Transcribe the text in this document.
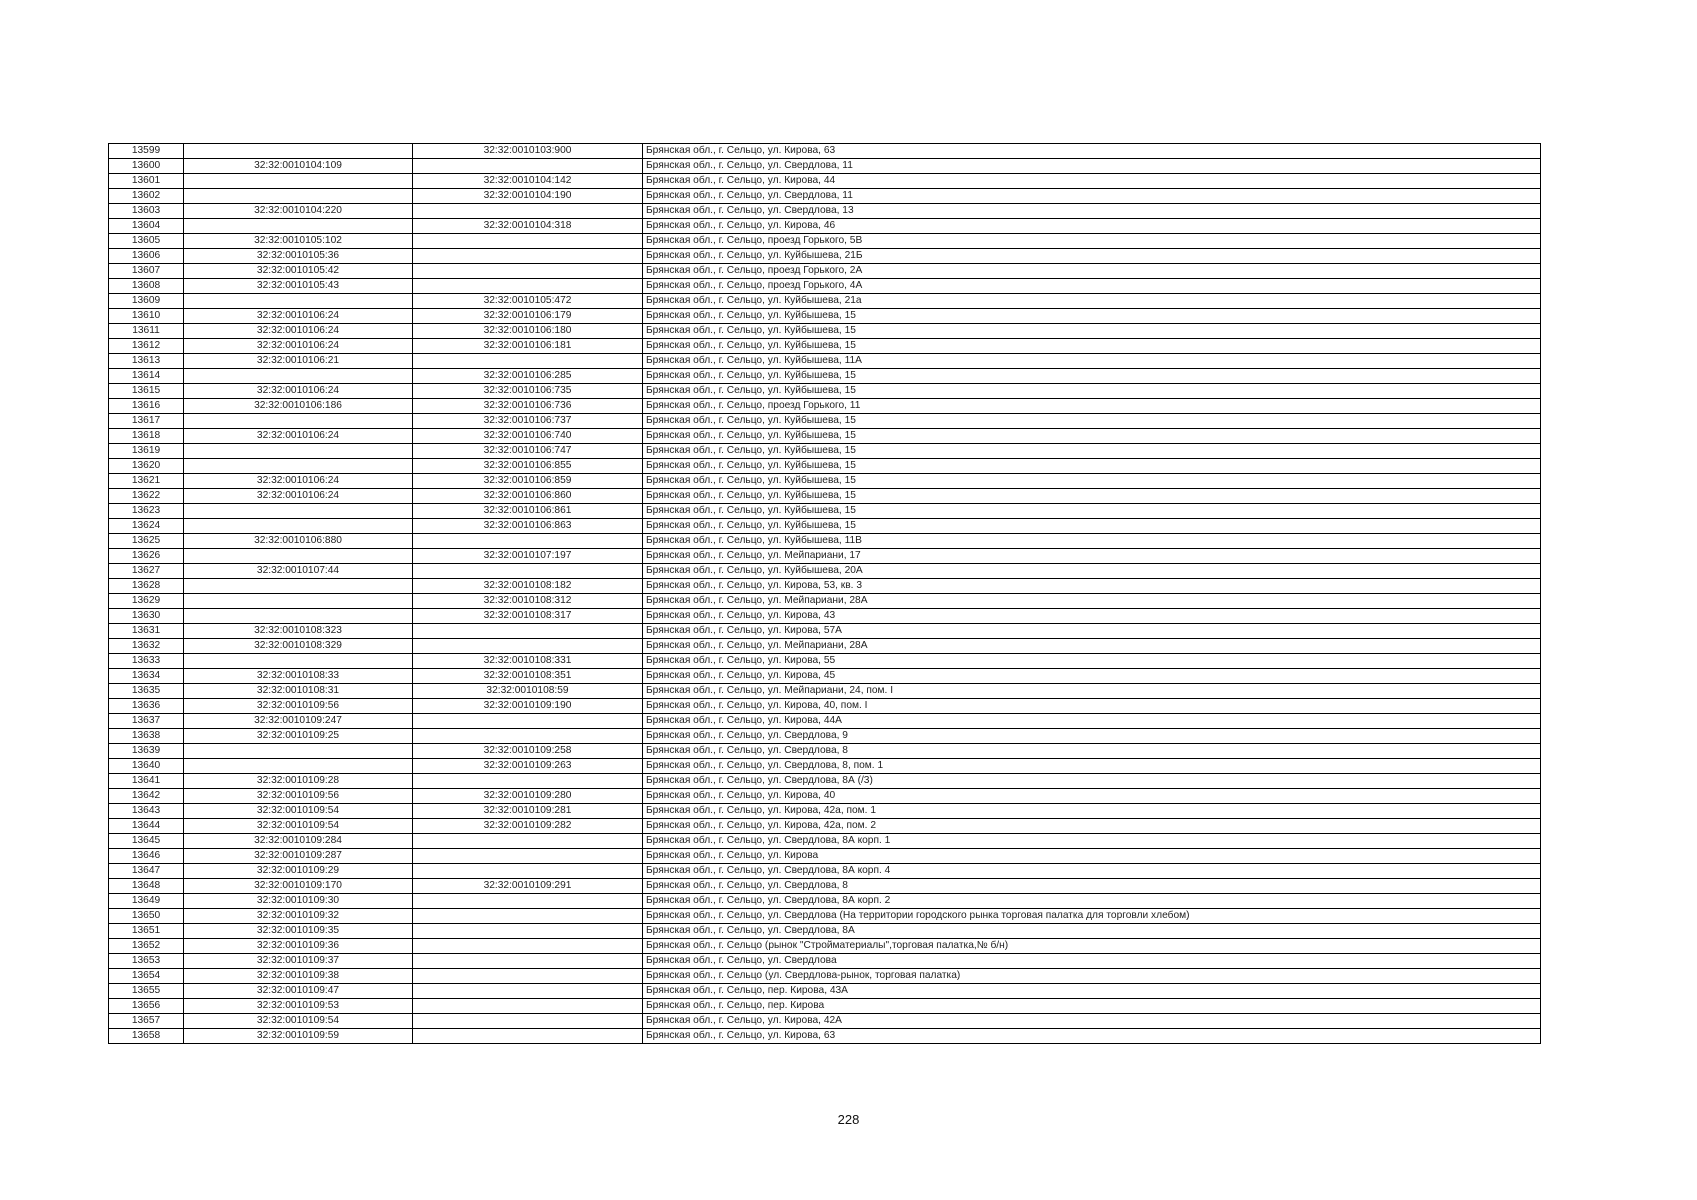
13599		32:32:0010103:900	Брянская обл., г. Сельцо, ул. Кирова, 63
13600	32:32:0010104:109		Брянская обл., г. Сельцо, ул. Свердлова, 11
13601		32:32:0010104:142	Брянская обл., г. Сельцо, ул. Кирова, 44
13602		32:32:0010104:190	Брянская обл., г. Сельцо, ул. Свердлова, 11
13603	32:32:0010104:220		Брянская обл., г. Сельцо, ул. Свердлова, 13
13604		32:32:0010104:318	Брянская обл., г. Сельцо, ул. Кирова, 46
13605	32:32:0010105:102		Брянская обл., г. Сельцо, проезд Горького, 5В
13606	32:32:0010105:36		Брянская обл., г. Сельцо, ул. Куйбышева, 21Б
13607	32:32:0010105:42		Брянская обл., г. Сельцо, проезд Горького, 2А
13608	32:32:0010105:43		Брянская обл., г. Сельцо, проезд Горького, 4А
13609		32:32:0010105:472	Брянская обл., г. Сельцо, ул. Куйбышева, 21а
13610	32:32:0010106:24	32:32:0010106:179	Брянская обл., г. Сельцо, ул. Куйбышева, 15
13611	32:32:0010106:24	32:32:0010106:180	Брянская обл., г. Сельцо, ул. Куйбышева, 15
13612	32:32:0010106:24	32:32:0010106:181	Брянская обл., г. Сельцо, ул. Куйбышева, 15
13613	32:32:0010106:21		Брянская обл., г. Сельцо, ул. Куйбышева, 11А
13614		32:32:0010106:285	Брянская обл., г. Сельцо, ул. Куйбышева, 15
13615	32:32:0010106:24	32:32:0010106:735	Брянская обл., г. Сельцо, ул. Куйбышева, 15
13616	32:32:0010106:186	32:32:0010106:736	Брянская обл., г. Сельцо, проезд Горького, 11
13617		32:32:0010106:737	Брянская обл., г. Сельцо, ул. Куйбышева, 15
13618	32:32:0010106:24	32:32:0010106:740	Брянская обл., г. Сельцо, ул. Куйбышева, 15
13619		32:32:0010106:747	Брянская обл., г. Сельцо, ул. Куйбышева, 15
13620		32:32:0010106:855	Брянская обл., г. Сельцо, ул. Куйбышева, 15
13621	32:32:0010106:24	32:32:0010106:859	Брянская обл., г. Сельцо, ул. Куйбышева, 15
13622	32:32:0010106:24	32:32:0010106:860	Брянская обл., г. Сельцо, ул. Куйбышева, 15
13623		32:32:0010106:861	Брянская обл., г. Сельцо, ул. Куйбышева, 15
13624		32:32:0010106:863	Брянская обл., г. Сельцо, ул. Куйбышева, 15
13625	32:32:0010106:880		Брянская обл., г. Сельцо, ул. Куйбышева, 11В
13626		32:32:0010107:197	Брянская обл., г. Сельцо, ул. Мейпариани, 17
13627	32:32:0010107:44		Брянская обл., г. Сельцо, ул. Куйбышева, 20А
13628		32:32:0010108:182	Брянская обл., г. Сельцо, ул. Кирова, 53, кв. 3
13629		32:32:0010108:312	Брянская обл., г. Сельцо, ул. Мейпариани, 28А
13630		32:32:0010108:317	Брянская обл., г. Сельцо, ул. Кирова, 43
13631	32:32:0010108:323		Брянская обл., г. Сельцо, ул. Кирова, 57А
13632	32:32:0010108:329		Брянская обл., г. Сельцо, ул. Мейпариани, 28А
13633		32:32:0010108:331	Брянская обл., г. Сельцо, ул. Кирова, 55
13634	32:32:0010108:33	32:32:0010108:351	Брянская обл., г. Сельцо, ул. Кирова, 45
13635	32:32:0010108:31	32:32:0010108:59	Брянская обл., г. Сельцо, ул. Мейпариани, 24, пом. I
13636	32:32:0010109:56	32:32:0010109:190	Брянская обл., г. Сельцо, ул. Кирова, 40, пом. I
13637	32:32:0010109:247		Брянская обл., г. Сельцо, ул. Кирова, 44А
13638	32:32:0010109:25		Брянская обл., г. Сельцо, ул. Свердлова, 9
13639		32:32:0010109:258	Брянская обл., г. Сельцо, ул. Свердлова, 8
13640		32:32:0010109:263	Брянская обл., г. Сельцо, ул. Свердлова, 8, пом. 1
13641	32:32:0010109:28		Брянская обл., г. Сельцо, ул. Свердлова, 8А (/3)
13642	32:32:0010109:56	32:32:0010109:280	Брянская обл., г. Сельцо, ул. Кирова, 40
13643	32:32:0010109:54	32:32:0010109:281	Брянская обл., г. Сельцо, ул. Кирова, 42а, пом. 1
13644	32:32:0010109:54	32:32:0010109:282	Брянская обл., г. Сельцо, ул. Кирова, 42а, пом. 2
13645	32:32:0010109:284		Брянская обл., г. Сельцо, ул. Свердлова, 8А корп. 1
13646	32:32:0010109:287		Брянская обл., г. Сельцо, ул. Кирова
13647	32:32:0010109:29		Брянская обл., г. Сельцо, ул. Свердлова, 8А корп. 4
13648	32:32:0010109:170	32:32:0010109:291	Брянская обл., г. Сельцо, ул. Свердлова, 8
13649	32:32:0010109:30		Брянская обл., г. Сельцо, ул. Свердлова, 8А корп. 2
13650	32:32:0010109:32		Брянская обл., г. Сельцо, ул. Свердлова (На территории городского рынка торговая палатка для торговли хлебом)
13651	32:32:0010109:35		Брянская обл., г. Сельцо, ул. Свердлова, 8А
13652	32:32:0010109:36		Брянская обл., г. Сельцо (рынок "Стройматериалы",торговая палатка,№ б/н)
13653	32:32:0010109:37		Брянская обл., г. Сельцо, ул. Свердлова
13654	32:32:0010109:38		Брянская обл., г. Сельцо (ул. Свердлова-рынок, торговая палатка)
13655	32:32:0010109:47		Брянская обл., г. Сельцо, пер. Кирова, 43А
13656	32:32:0010109:53		Брянская обл., г. Сельцо, пер. Кирова
13657	32:32:0010109:54		Брянская обл., г. Сельцо, ул. Кирова, 42А
13658	32:32:0010109:59		Брянская обл., г. Сельцо, ул. Кирова, 63
228
